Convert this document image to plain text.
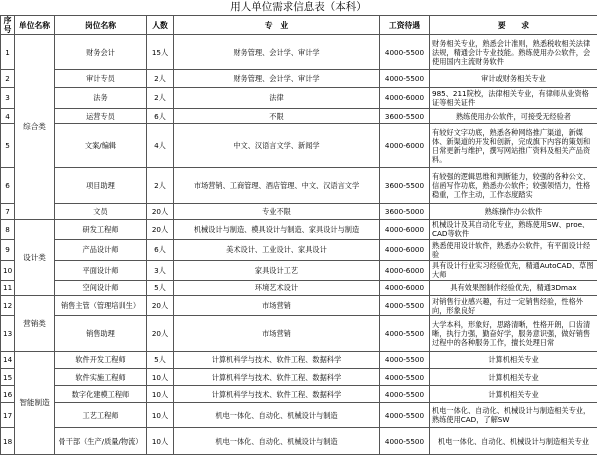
用人单位需求信息表（本科）
序号	单位名称	岗位名称	人数	专　业	工资待遇	要　　求
1	综合类	财务会计	15人	财务管理、会计学、审计学	4000-5500	财务相关专业，熟悉会计准则，熟悉税收相关法律法规，精通会计专业技能。熟练使用办公软件，会使用国内主流财务软件
2		审计专员	2人	财务管理、会计学、审计学	4000-5500	审计或财务相关专业
3		法务	2人	法律	4000-6000	985、211院校，法律相关专业，有律师从业资格证等相关证件
4		运营专员	6人	不限	3600-5500	熟练使用办公软件，可接受无经验者
5		文案/编辑	4人	中文、汉语言文学、新闻学	4000-6000	有较好文字功底，熟悉各种网络推广渠道，新媒体、新渠道的开发和创新，完成旗下内容的策划和日常更新与维护，撰写网站推广资料及相关产品资料。
6		项目助理	2人	市场营销、工商管理、酒店管理、中文、汉语言文学	3600-5500	有较强的逻辑思维和判断能力，较强的各种公文、信函写作功底，熟悉办公软件；较强领悟力，性格稳重，工作主动，工作态度踏实
7		文员	20人	专业不限	3600-5000	熟练操作办公软件
8	设计类	研发工程师	20人	机械设计与制造、模具设计与制造、家具设计与制造	4000-6000	机械设计及其自动化专业，熟练使用SW、proe、CAD等软件
9		产品设计师	6人	美术设计、工业设计、家具设计	4000-6000	熟悉使用设计软件，熟悉办公软件，有平面设计经验
10		平面设计师	3人	家具设计工艺	4000-6000	具有设计行业实习经验优先，精通AutoCAD、草图大师
11		空间设计师	5人	环境艺术设计	4000-6000	具有效果图制作经验优先，精通3Dmax
12	营销类	销售主管（管理培训生）	20人	市场营销	4000-5500	对销售行业感兴趣，有过一定销售经验，性格外向，形象良好
13		销售助理	20人	市场营销	4000-5500	大学本科，形象好，思路清晰，性格开朗，口齿清晰，执行力强，勤奋好学，服务意识强，做好销售过程中的各种服务工作，擅长处理日常
14	智能制造	软件开发工程师	5人	计算机科学与技术、软件工程、数据科学	4000-5500	计算机相关专业
15		软件实施工程师	10人	计算机科学与技术、软件工程、数据科学	4000-5500	计算机相关专业
16		数字化建模工程师	10人	计算机科学与技术、软件工程、数据科学	4000-5500	计算机相关专业
17		工艺工程师	10人	机电一体化、自动化、机械设计与制造	4000-5500	机电一体化、自动化、机械设计与制造相关专业，熟练使用CAD，了解SW
18		骨干部（生产/质量/物流）	10人	机电一体化、自动化、机械设计与制造	4000-5500	机电一体化、自动化、机械设计与制造相关专业
